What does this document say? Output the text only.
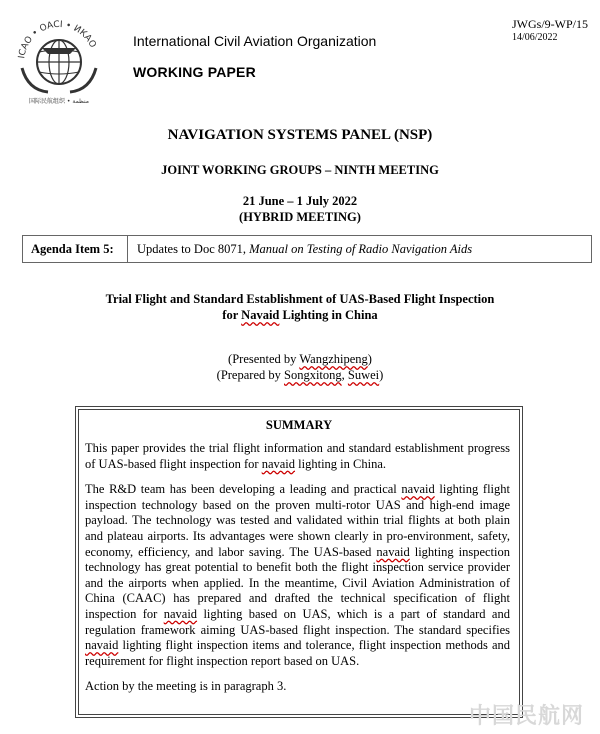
ICAO • OACI • ИКАО
国际民航组织 • منظمة
International Civil Aviation Organization
WORKING PAPER
JWGs/9-WP/15
14/06/2022
NAVIGATION SYSTEMS PANEL (NSP)
JOINT WORKING GROUPS – NINTH MEETING
21 June – 1 July 2022
(HYBRID MEETING)
Agenda Item 5:	Updates to Doc 8071, Manual on Testing of Radio Navigation Aids
Trial Flight and Standard Establishment of UAS-Based Flight Inspection
for Navaid Lighting in China
(Presented by Wangzhipeng)
(Prepared by Songxitong, Suwei)
SUMMARY

This paper provides the trial flight information and standard establishment progress of UAS-based flight inspection for navaid lighting in China.

The R&D team has been developing a leading and practical navaid lighting flight inspection technology based on the proven multi-rotor UAS and high-end image payload. The technology was tested and validated within trial flights at both plain and plateau airports. Its advantages were shown clearly in pro-environment, safety, economy, efficiency, and labor saving. The UAS-based navaid lighting inspection technology has great potential to benefit both the flight inspection service provider and the airports when applied. In the meantime, Civil Aviation Administration of China (CAAC) has prepared and drafted the technical specification of flight inspection for navaid lighting based on UAS, which is a part of standard and regulation framework aiming UAS-based flight inspection. The standard specifies navaid lighting flight inspection items and tolerance, flight inspection methods and requirement for flight inspection report based on UAS.

Action by the meeting is in paragraph 3.

中国民航网
